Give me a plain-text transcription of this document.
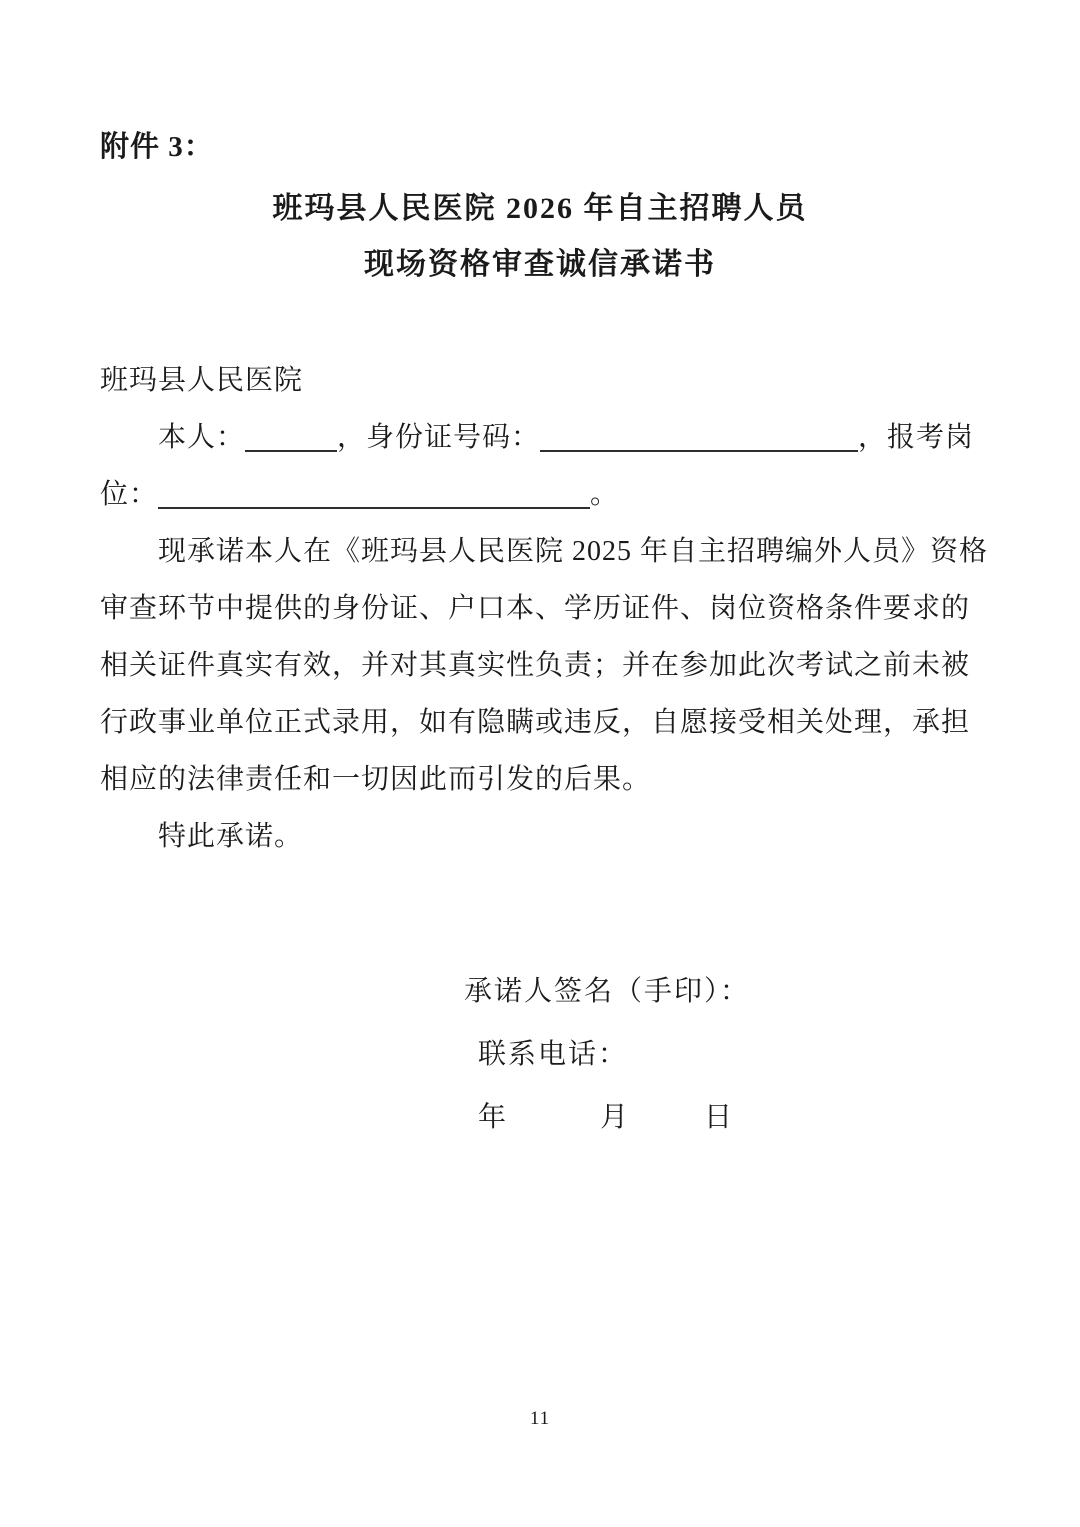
附件 3：
班玛县人民医院 2026 年自主招聘人员
现场资格审查诚信承诺书
班玛县人民医院
本人：	，身份证号码：	，报考岗
位：	。
现承诺本人在《班玛县人民医院 2025 年自主招聘编外人员》资格
审查环节中提供的身份证、户口本、学历证件、岗位资格条件要求的
相关证件真实有效，并对其真实性负责；并在参加此次考试之前未被
行政事业单位正式录用，如有隐瞒或违反，自愿接受相关处理，承担
相应的法律责任和一切因此而引发的后果。
特此承诺。
承诺人签名（手印）：
联系电话：
年	月	日
11
